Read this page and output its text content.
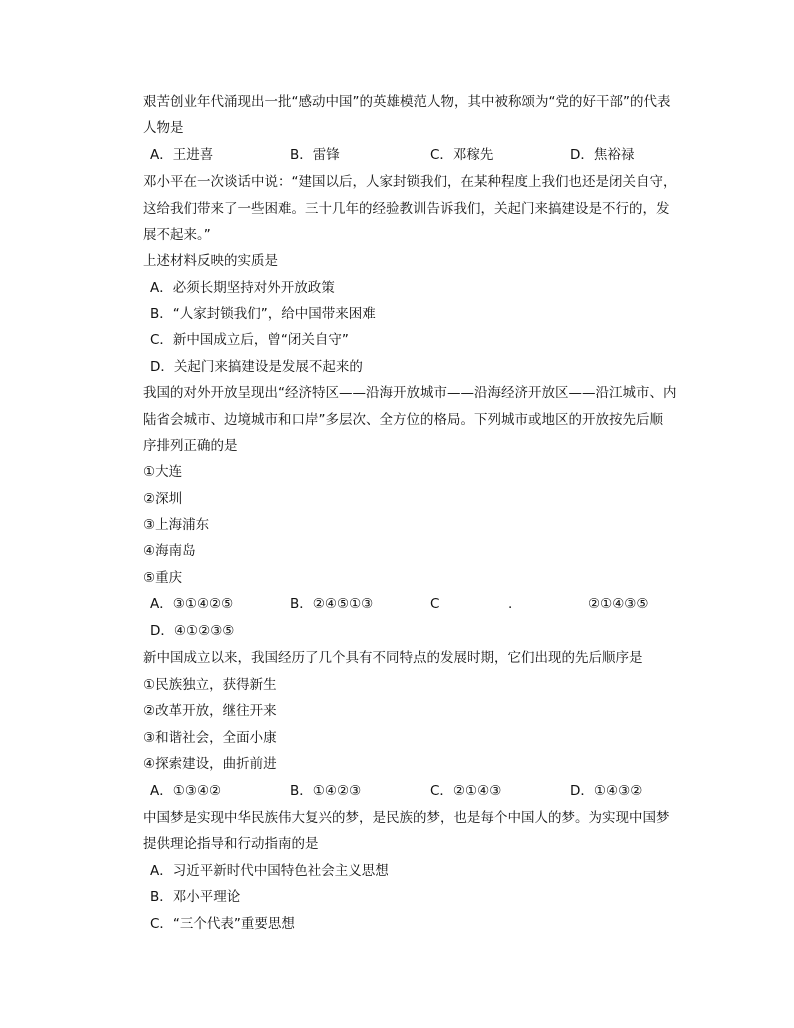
艰苦创业年代涌现出一批“感动中国”的英雄模范人物，其中被称颂为“党的好干部”的代表
人物是
A．王进喜	B．雷锋	C．邓稼先	D．焦裕禄
邓小平在一次谈话中说：“建国以后，人家封锁我们，在某种程度上我们也还是闭关自守，
这给我们带来了一些困难。三十几年的经验教训告诉我们，关起门来搞建设是不行的，发
展不起来。”
上述材料反映的实质是
A．必须长期坚持对外开放政策
B．“人家封锁我们”，给中国带来困难
C．新中国成立后，曾“闭关自守”
D．关起门来搞建设是发展不起来的
我国的对外开放呈现出“经济特区——沿海开放城市——沿海经济开放区——沿江城市、内
陆省会城市、边境城市和口岸”多层次、全方位的格局。下列城市或地区的开放按先后顺
序排列正确的是
①大连
②深圳
③上海浦东
④海南岛
⑤重庆
A．③①④②⑤	B．②④⑤①③	C	.	②①④③⑤
D．④①②③⑤
新中国成立以来，我国经历了几个具有不同特点的发展时期，它们出现的先后顺序是
①民族独立，获得新生
②改革开放，继往开来
③和谐社会，全面小康
④探索建设，曲折前进
A．①③④②	B．①④②③	C．②①④③	D．①④③②
中国梦是实现中华民族伟大复兴的梦，是民族的梦，也是每个中国人的梦。为实现中国梦
提供理论指导和行动指南的是
A．习近平新时代中国特色社会主义思想
B．邓小平理论
C．“三个代表”重要思想
